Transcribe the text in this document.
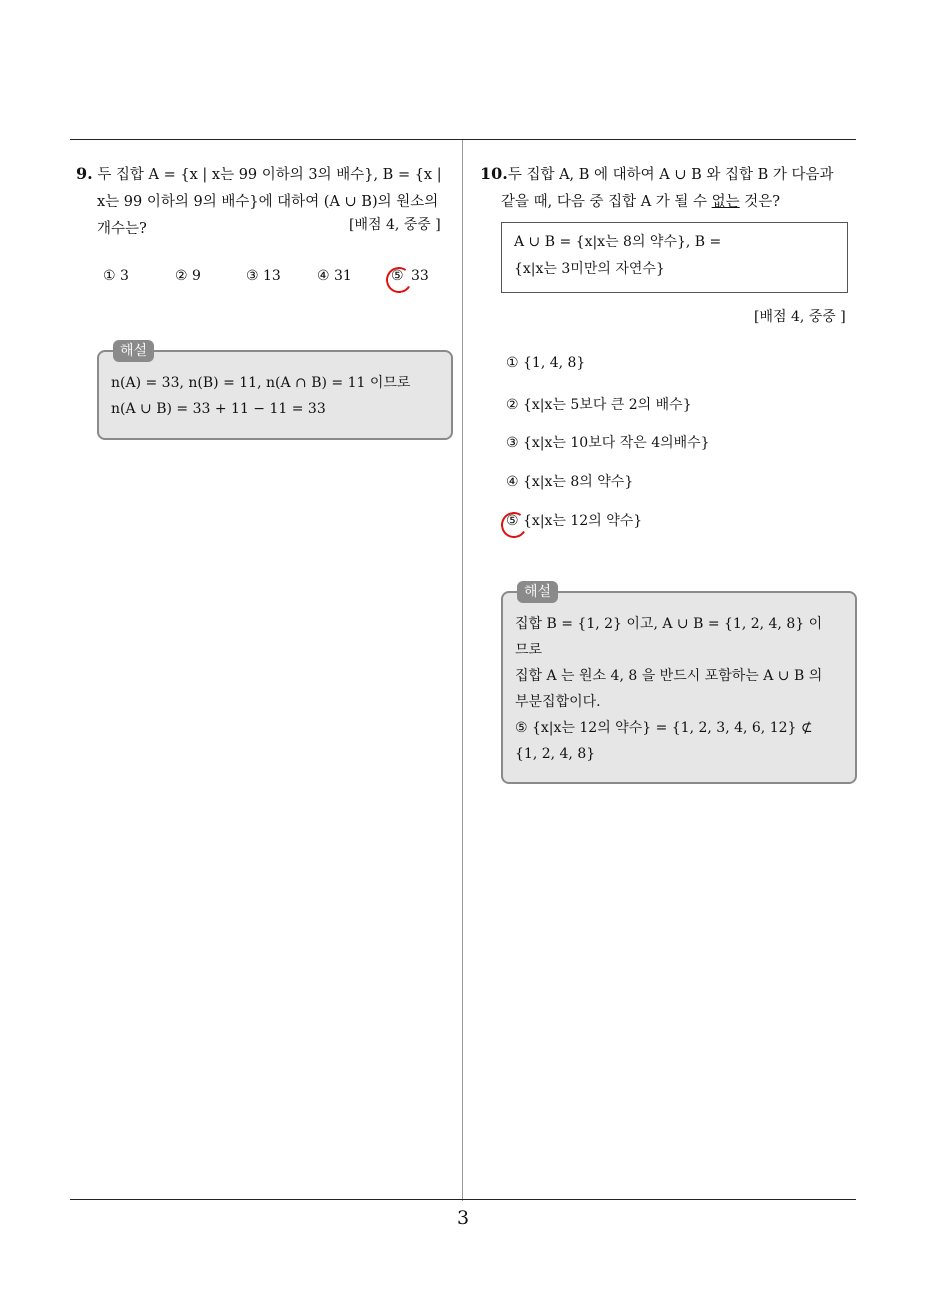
3
9. 두 집합 A = {x | x는 99 이하의 3의 배수}, B = {x |
x는 99 이하의 9의 배수}에 대하여 (A ∪ B)의 원소의
개수는?	[배점 4, 중중 ]
① 3	② 9	③ 13	④ 31	⑤ 33
해설
n(A) = 33, n(B) = 11, n(A ∩ B) = 11 이므로
n(A ∪ B) = 33 + 11 − 11 = 33
10.두 집합 A, B 에 대하여 A ∪ B 와 집합 B 가 다음과
같을 때, 다음 중 집합 A 가 될 수 없는 것은?
A ∪ B = {x|x는 8의 약수}, B =
{x|x는 3미만의 자연수}
[배점 4, 중중 ]
① {1, 4, 8}
② {x|x는 5보다 큰 2의 배수}
③ {x|x는 10보다 작은 4의배수}
④ {x|x는 8의 약수}
⑤ {x|x는 12의 약수}
해설
집합 B = {1, 2} 이고, A ∪ B = {1, 2, 4, 8} 이
므로
집합 A 는 원소 4, 8 을 반드시 포함하는 A ∪ B 의
부분집합이다.
⑤ {x|x는 12의 약수} = {1, 2, 3, 4, 6, 12} ⊄
{1, 2, 4, 8}
